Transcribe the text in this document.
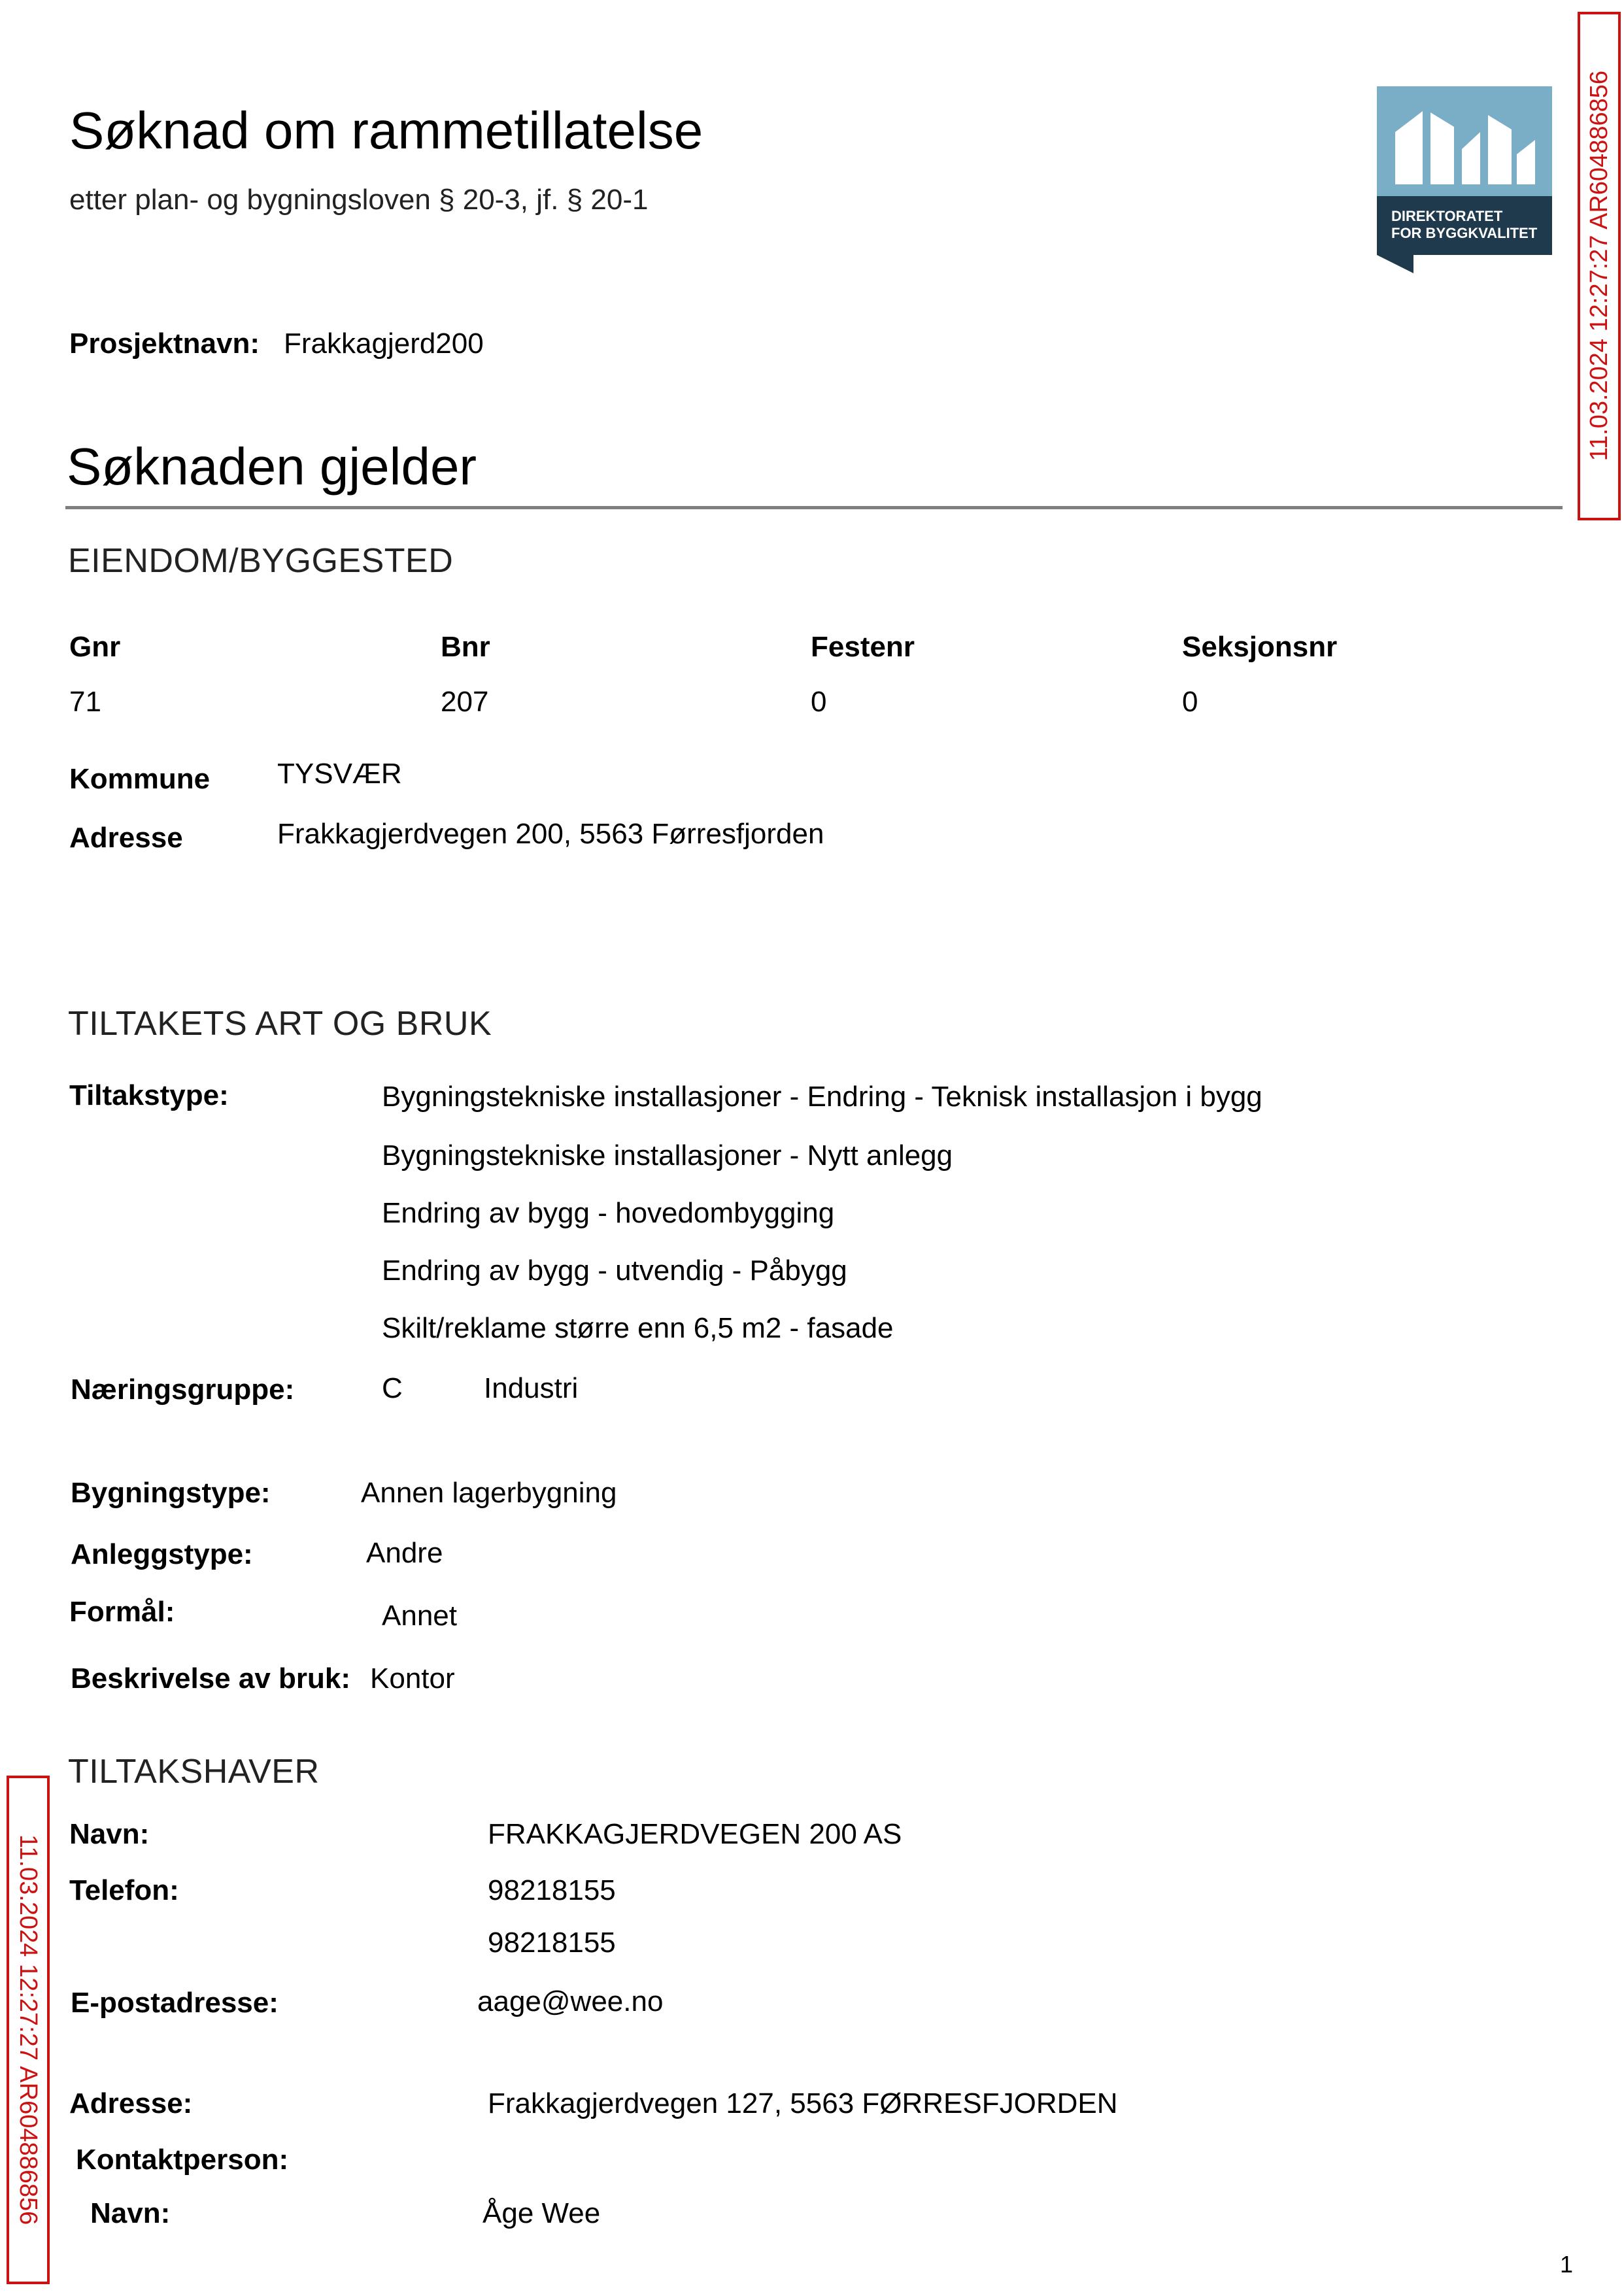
Søknad om rammetillatelse
etter plan- og bygningsloven § 20-3, jf. § 20-1
DIREKTORATET
FOR BYGGKVALITET
Prosjektnavn: Frakkagjerd200
Søknaden gjelder
EIENDOM/BYGGESTED
Gnr	Bnr	Festenr	Seksjonsnr
71	207	0	0
Kommune TYSVÆR
Adresse	Frakkagjerdvegen 200, 5563 Førresfjorden
TILTAKETS ART OG BRUK
Tiltakstype:	Bygningstekniske installasjoner - Endring - Teknisk installasjon i bygg
Bygningstekniske installasjoner - Nytt anlegg
Endring av bygg - hovedombygging
Endring av bygg - utvendig - Påbygg
Skilt/reklame større enn 6,5 m2 - fasade
Næringsgruppe:	C	Industri
Bygningstype:	Annen lagerbygning
Anleggstype:	Andre
Formål:	Annet
Beskrivelse av bruk: Kontor
TILTAKSHAVER
Navn:	FRAKKAGJERDVEGEN 200 AS
Telefon:	98218155
98218155
E-postadresse:	aage@wee.no
Adresse:	Frakkagjerdvegen 127, 5563 FØRRESFJORDEN
Kontaktperson:
Navn:	Åge Wee
1
11.03.2024 12:27:27 AR604886856
11.03.2024 12:27:27 AR604886856
